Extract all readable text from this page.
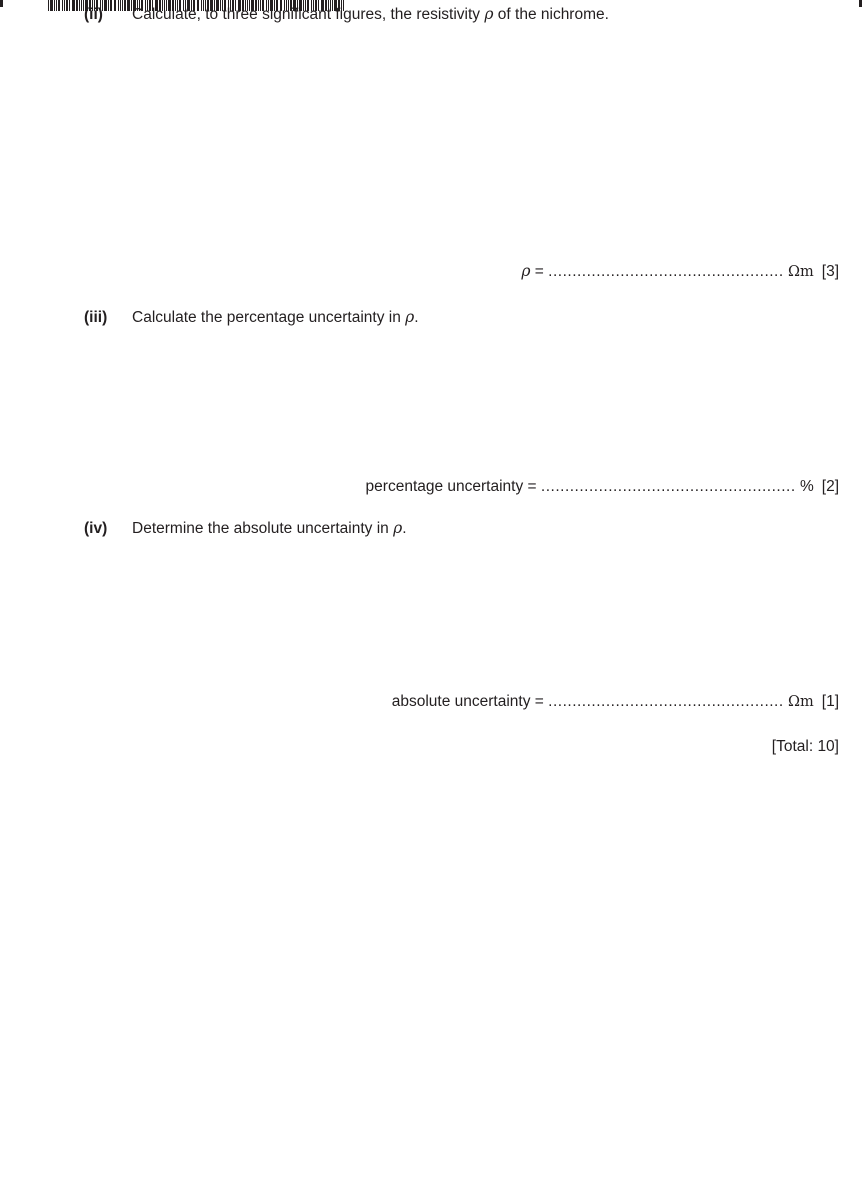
(ii) Calculate, to three significant figures, the resistivity ρ of the nichrome.
ρ = ................................................. Ωm [3]
(iii) Calculate the percentage uncertainty in ρ.
percentage uncertainty = ..................................................... % [2]
(iv) Determine the absolute uncertainty in ρ.
absolute uncertainty = ................................................. Ωm [1]
[Total: 10]
